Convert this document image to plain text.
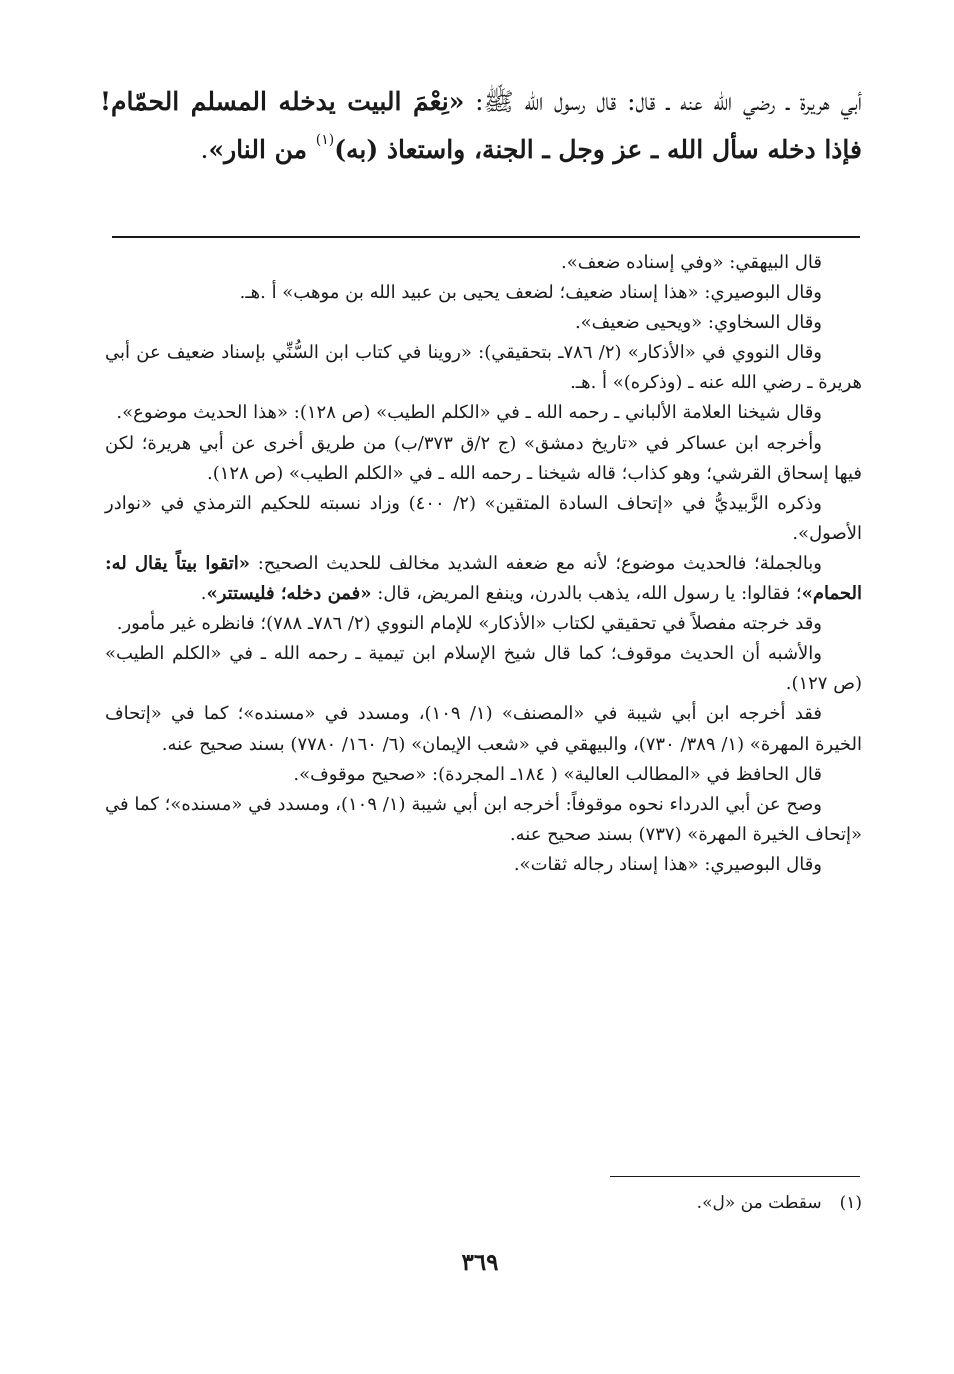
أبي هريرة ـ رضي الله عنه ـ قال: قال رسول الله ﷺ: «نِعْمَ البيت يدخله المسلم الحمّام! فإذا دخله سأل الله ـ عز وجل ـ الجنة، واستعاذ (به)$^{(١)}$ من النار».

قال البيهقي: «وفي إسناده ضعف».

وقال البوصيري: «هذا إسناد ضعيف؛ لضعف يحيى بن عبيد الله بن موهب» أ .هـ.

وقال السخاوي: «ويحيى ضعيف».

وقال النووي في «الأذكار» (٢/ ٧٨٦ـ بتحقيقي): «روينا في كتاب ابن السُّنِّي بإسناد ضعيف عن أبي هريرة ـ رضي الله عنه ـ (وذكره)» أ .هـ.

وقال شيخنا العلامة الألباني ـ رحمه الله ـ في «الكلم الطيب» (ص ١٢٨): «هذا الحديث موضوع».

وأخرجه ابن عساكر في «تاريخ دمشق» (ج ٢/ق ٣٧٣/ب) من طريق أخرى عن أبي هريرة؛ لكن فيها إسحاق القرشي؛ وهو كذاب؛ قاله شيخنا ـ رحمه الله ـ في «الكلم الطيب» (ص ١٢٨).

وذكره الزَّبيديُّ في «إتحاف السادة المتقين» (٢/ ٤٠٠) وزاد نسبته للحكيم الترمذي في «نوادر الأصول».

وبالجملة؛ فالحديث موضوع؛ لأنه مع ضعفه الشديد مخالف للحديث الصحيح: «اتقوا بيتاً يقال له: الحمام»؛ فقالوا: يا رسول الله، يذهب بالدرن، وينفع المريض، قال: «فمن دخله؛ فليستتر».

وقد خرجته مفصلاً في تحقيقي لكتاب «الأذكار» للإمام النووي (٢/ ٧٨٦ـ ٧٨٨)؛ فانظره غير مأمور.

والأشبه أن الحديث موقوف؛ كما قال شيخ الإسلام ابن تيمية ـ رحمه الله ـ في «الكلم الطيب» (ص ١٢٧).

فقد أخرجه ابن أبي شيبة في «المصنف» (١/ ١٠٩)، ومسدد في «مسنده»؛ كما في «إتحاف الخيرة المهرة» (١/ ٣٨٩/ ٧٣٠)، والبيهقي في «شعب الإيمان» (٦/ ١٦٠/ ٧٧٨٠) بسند صحيح عنه.

قال الحافظ في «المطالب العالية» ( ١٨٤ـ المجردة): «صحيح موقوف».

وصح عن أبي الدرداء نحوه موقوفاً: أخرجه ابن أبي شيبة (١/ ١٠٩)، ومسدد في «مسنده»؛ كما في «إتحاف الخيرة المهرة» (٧٣٧) بسند صحيح عنه.

وقال البوصيري: «هذا إسناد رجاله ثقات».

(١)سقطت من «ل».
٣٦٩
